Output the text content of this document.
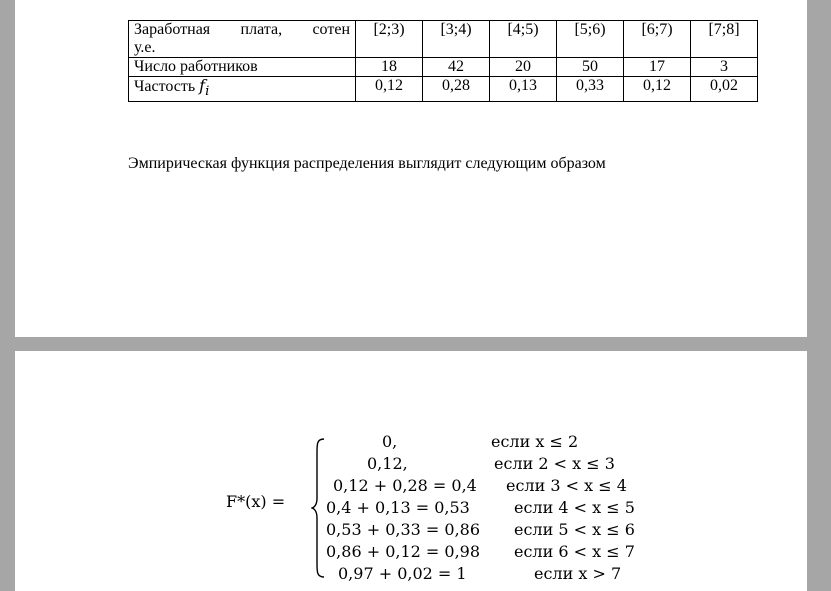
Заработная плата, сотен
у.е.	[2;3)	[3;4)	[4;5)	[5;6)	[6;7)	[7;8]
Число работников	18	42	20	50	17	3
Частость $f_i$	0,12	0,28	0,13	0,33	0,12	0,02

Эмпирическая функция распределения выглядит следующим образом

F*(x) =
0,	если x ≤ 2
0,12,	если 2 < x ≤ 3
0,12 + 0,28 = 0,4 если 3 < x ≤ 4
0,4 + 0,13 = 0,53	если 4 < x ≤ 5
0,53 + 0,33 = 0,86 если 5 < x ≤ 6
0,86 + 0,12 = 0,98 если 6 < x ≤ 7
0,97 + 0,02 = 1	если x > 7
